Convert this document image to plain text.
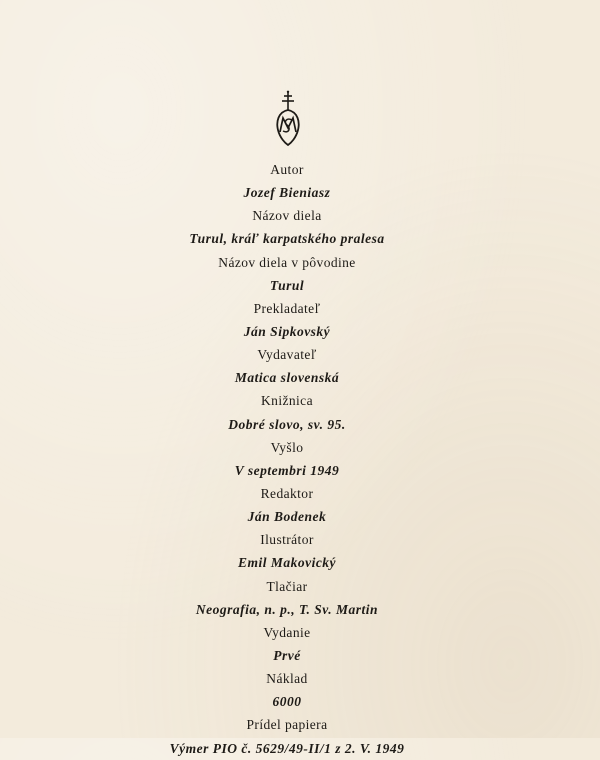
Autor
Jozef Bieniasz
Názov diela
Turul, kráľ karpatského pralesa
Názov diela v pôvodine
Turul
Prekladateľ
Ján Sipkovský
Vydavateľ
Matica slovenská
Knižnica
Dobré slovo, sv. 95.
Vyšlo
V septembri 1949
Redaktor
Ján Bodenek
Ilustrátor
Emil Makovický
Tlačiar
Neografia, n. p., T. Sv. Martin
Vydanie
Prvé
Náklad
6000
Prídel papiera
Výmer PIO č. 5629/49-II/1 z 2. V. 1949
